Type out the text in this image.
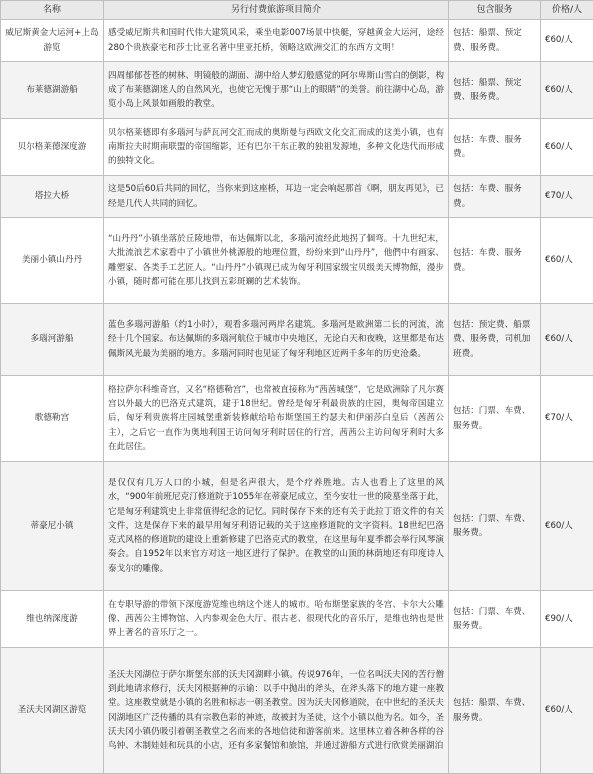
名称	另行付费旅游项目简介	包含服务	价格/人
威尼斯黄金大运河+上岛游览	感受威尼斯共和国时代伟大建筑风采，乘坐电影007场景中快艇，穿越黄金大运河，途经280个贵族豪宅和莎士比亚名著中里亚托桥，领略这欧洲交汇的东西方文明！	包括：船票、预定费、服务费。	€60/人
布莱德湖游船	四周郁郁苍苍的树林、明镜般的湖面、湖中给人梦幻般感觉的阿尔卑斯山雪白的倒影，构成了布莱德湖迷人的自然风光，也使它无愧于那“山上的眼睛”的美誉。前往湖中心岛，游览小岛上风景如画般的教堂。	包括：船票、预定费、服务费。	€60/人
贝尔格莱德深度游	贝尔格莱德即有多瑙河与萨瓦河交汇而成的奥斯曼与西欧文化交汇而成的这美小镇，也有南斯拉夫时期南联盟的帝国缩影，还有巴尔干东正教的独祖发源地，多种文化迭代而形成的独特文化。	包括：车费、服务费。	€60/人
塔拉大桥	这是50后60后共同的回忆，当你来到这座桥，耳边一定会响起那首《啊，朋友再见》，已经是几代人共同的回忆。	包括：车费、服务费。	€70/人
美丽小镇山丹丹	“山丹丹”小镇坐落於丘陵地带，布达佩斯以北，多瑙河流经此地拐了個弯。十九世纪末，大批流浪艺术家看中了小镇世外桃源般的地理位置，纷纷来到“山丹丹”，他們中有画家、雕塑家、各类手工艺匠人。“山丹丹”小镇现已成为匈牙利国家级宝贝级美天博物館，漫步小镇，随时都可能在那儿找到五彩斑斓的艺术装饰。	包括：车费、服务费。	€60/人
多瑙河游船	蓝色多瑙河游船（约1小时），观看多瑙河两岸名建筑。多瑙河是欧洲第二长的河流，流经十几个国家。布达佩斯的多瑙河航位于城市中央地区，无论白天和夜晚，这里都是布达佩斯风光最为美丽的地方。多瑙河同时也见证了匈牙利地区近两千多年的历史沧桑。	包括：预定费、船票费、服务费，司机加班费。	€60/人
歌德勒宫	格拉萨尔科维奇宫，又名“格德勒宫”，也常被直接称为“茜茜城堡”，它是欧洲除了凡尔赛宫以外最大的巴洛克式建筑，建于18世纪。曾经是匈牙利最贵族的庄园，奥匈帝国建立后，匈牙利贵族将庄园城堡重新装修献给哈布斯堡国王约瑟夫和伊丽莎白皇后（茜茜公主），之后它一直作为奥地利国王访问匈牙利时居住的行宫，茜茜公主访问匈牙利时大多在此居住。	包括：门票、车费、服务费。	€70/人
蒂豪尼小镇	是仅仅有几万人口的小城，但是名声很大，是个疗养胜地。古人也看上了这里的风水，“900年前班尼克汀修道院于1055年在蒂豪尼成立，至今安壮一世的陵墓坐落于此，它是匈牙利建筑史上非常值得纪念的记忆。同时保存下来的还有关于此拉丁语文件的有关文件，这是保存下来的最早用匈牙利语记载的关于这座修道院的文字资料。18世纪巴洛克式风格的修道院的建设上重新修建了巴洛克式的教堂，在这里每年夏季都会举行风琴演奏会。自1952年以来官方对这一地区进行了保护。在教堂的山顶的林荫地还有印度诗人泰戈尔的雕像。	包括：门票、车费、服务费。	€60/人
维也纳深度游	在专职导游的带领下深度游览维也纳这个迷人的城市。哈布斯堡家族的冬宫、卡尔大公雕像、茜茜公主博物馆、入内参观金色大厅、很古老、很现代化的音乐厅，是维也纳也是世界上著名的音乐厅之一。	包括：门票、车费、服务费。	€90/人
圣沃夫冈湖区游览	圣沃夫冈湖位于萨尔斯堡东部的沃夫冈湖畔小镇。传说976年，一位名叫沃夫冈的苦行僧到此地请求修行，沃夫冈根据神的示谕：以手中抛出的斧头，在斧头落下的地方建一座教堂。这座教堂就是小镇的名胜和标志一朝圣教堂。因为沃夫冈修道院，在中世纪的圣沃夫冈湖地区广泛传播的具有宗教色彩的神迹，故被封为圣徒，这个小镇以他为名。如今，圣沃夫冈小镇仍吸引着朝圣教堂之名而来的各地信徒和游客前来。这里林立着各种各样的谷鸟钟、木制娃娃和玩具的小店，还有多家餐馆和旅馆，并通过游船方式进行欣赏美丽湖泊	包括：船票、车费、服务费。	€60/人
